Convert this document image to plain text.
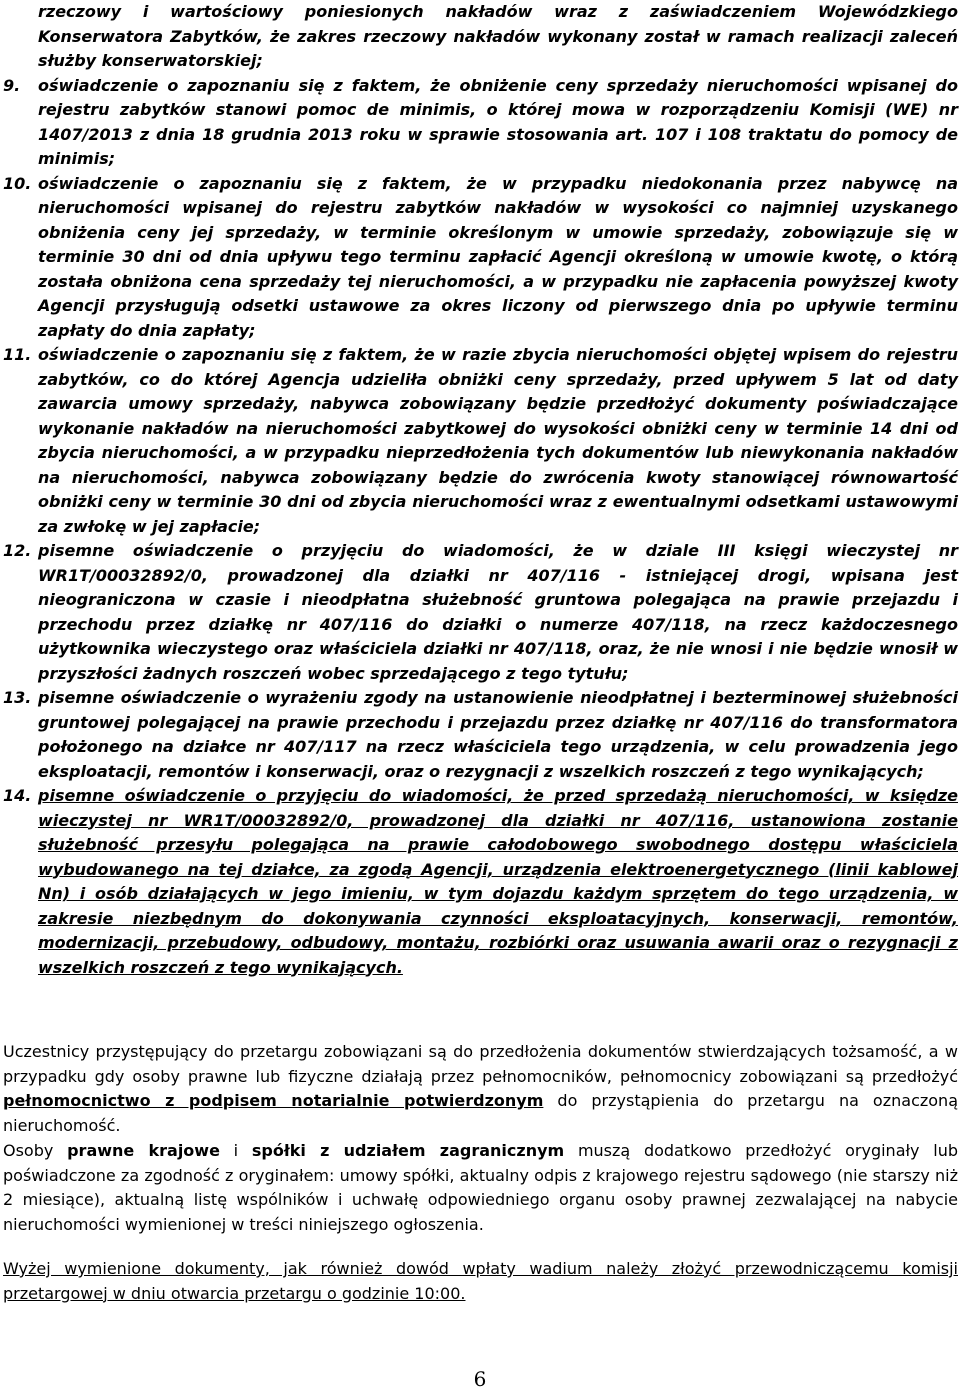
rzeczowy i wartościowy poniesionych nakładów wraz z zaświadczeniem Wojewódzkiego Konserwatora Zabytków, że zakres rzeczowy nakładów wykonany został w ramach realizacji zaleceń służby konserwatorskiej;
9.	oświadczenie o zapoznaniu się z faktem, że obniżenie ceny sprzedaży nieruchomości wpisanej do rejestru zabytków stanowi pomoc de minimis, o której mowa w rozporządzeniu Komisji (WE) nr 1407/2013 z dnia 18 grudnia 2013 roku w sprawie stosowania art. 107 i 108 traktatu do pomocy de minimis;
10. oświadczenie o zapoznaniu się z faktem, że w przypadku niedokonania przez nabywcę na nieruchomości wpisanej do rejestru zabytków nakładów w wysokości co najmniej uzyskanego obniżenia ceny jej sprzedaży, w terminie określonym w umowie sprzedaży, zobowiązuje się w terminie 30 dni od dnia upływu tego terminu zapłacić Agencji określoną w umowie kwotę, o którą została obniżona cena sprzedaży tej nieruchomości, a w przypadku nie zapłacenia powyższej kwoty Agencji przysługują odsetki ustawowe za okres liczony od pierwszego dnia po upływie terminu zapłaty do dnia zapłaty;
11. oświadczenie o zapoznaniu się z faktem, że w razie zbycia nieruchomości objętej wpisem do rejestru zabytków, co do której Agencja udzieliła obniżki ceny sprzedaży, przed upływem 5 lat od daty zawarcia umowy sprzedaży, nabywca zobowiązany będzie przedłożyć dokumenty poświadczające wykonanie nakładów na nieruchomości zabytkowej do wysokości obniżki ceny w terminie 14 dni od zbycia nieruchomości, a w przypadku nieprzedłożenia tych dokumentów lub niewykonania nakładów na nieruchomości, nabywca zobowiązany będzie do zwrócenia kwoty stanowiącej równowartość obniżki ceny w terminie 30 dni od zbycia nieruchomości wraz z ewentualnymi odsetkami ustawowymi za zwłokę w jej zapłacie;
12. pisemne oświadczenie o przyjęciu do wiadomości, że w dziale III księgi wieczystej nr WR1T/00032892/0, prowadzonej dla działki nr 407/116 - istniejącej drogi, wpisana jest nieograniczona w czasie i nieodpłatna służebność gruntowa polegająca na prawie przejazdu i przechodu przez działkę nr 407/116 do działki o numerze 407/118, na rzecz każdoczesnego użytkownika wieczystego oraz właściciela działki nr 407/118, oraz, że nie wnosi i nie będzie wnosił w przyszłości żadnych roszczeń wobec sprzedającego z tego tytułu;
13. pisemne oświadczenie o wyrażeniu zgody na ustanowienie nieodpłatnej i bezterminowej służebności gruntowej polegającej na prawie przechodu i przejazdu przez działkę nr 407/116 do transformatora położonego na działce nr 407/117 na rzecz właściciela tego urządzenia, w celu prowadzenia jego eksploatacji, remontów i konserwacji, oraz o rezygnacji z wszelkich roszczeń z tego wynikających;
14. pisemne oświadczenie o przyjęciu do wiadomości, że przed sprzedażą nieruchomości, w księdze wieczystej nr WR1T/00032892/0, prowadzonej dla działki nr 407/116, ustanowiona zostanie służebność przesyłu polegająca na prawie całodobowego swobodnego dostępu właściciela wybudowanego na tej działce, za zgodą Agencji, urządzenia elektroenergetycznego (linii kablowej Nn) i osób działających w jego imieniu, w tym dojazdu każdym sprzętem do tego urządzenia, w zakresie niezbędnym do dokonywania czynności eksploatacyjnych, konserwacji, remontów, modernizacji, przebudowy, odbudowy, montażu, rozbiórki oraz usuwania awarii oraz o rezygnacji z wszelkich roszczeń z tego wynikających.
Uczestnicy przystępujący do przetargu zobowiązani są do przedłożenia dokumentów stwierdzających tożsamość, a w przypadku gdy osoby prawne lub fizyczne działają przez pełnomocników, pełnomocnicy zobowiązani są przedłożyć pełnomocnictwo z podpisem notarialnie potwierdzonym do przystąpienia do przetargu na oznaczoną nieruchomość.
Osoby prawne krajowe i spółki z udziałem zagranicznym muszą dodatkowo przedłożyć oryginały lub poświadczone za zgodność z oryginałem: umowy spółki, aktualny odpis z krajowego rejestru sądowego (nie starszy niż 2 miesiące), aktualną listę wspólników i uchwałę odpowiedniego organu osoby prawnej zezwalającej na nabycie nieruchomości wymienionej w treści niniejszego ogłoszenia.
Wyżej wymienione dokumenty, jak również dowód wpłaty wadium należy złożyć przewodniczącemu komisji przetargowej w dniu otwarcia przetargu o godzinie 10:00.
6
